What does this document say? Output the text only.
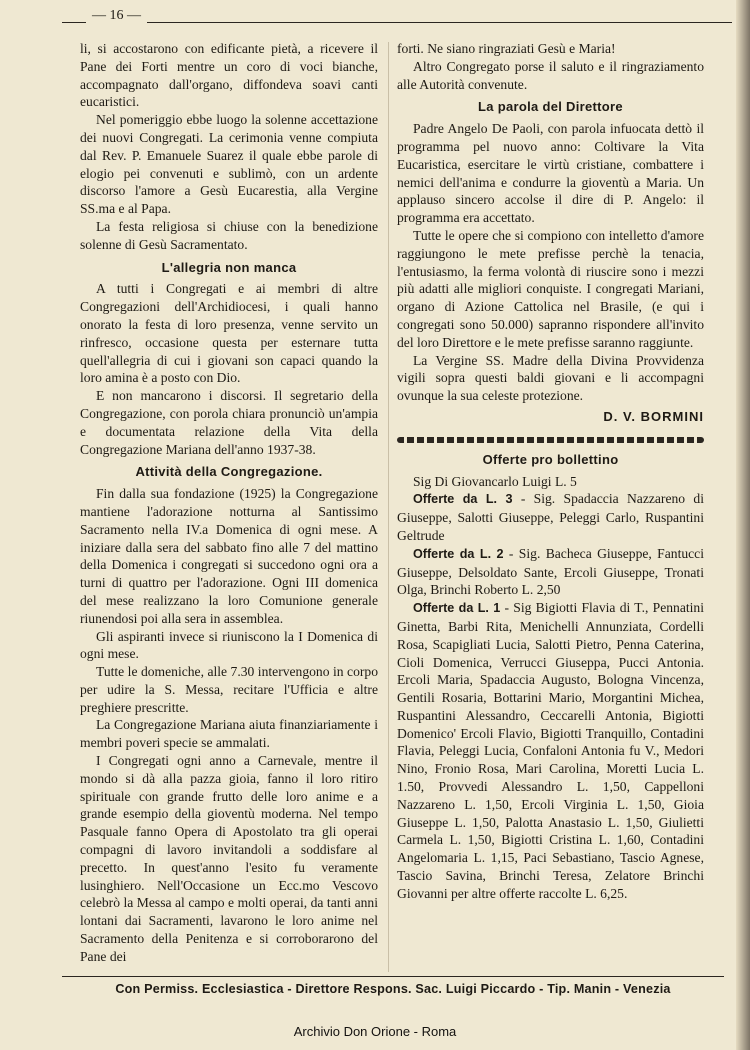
— 16 —

li, si accostarono con edificante pietà, a ricevere il Pane dei Forti mentre un coro di voci bianche, accompagnato dall'organo, diffondeva soavi canti eucaristici.

Nel pomeriggio ebbe luogo la solenne accettazione dei nuovi Congregati. La cerimonia venne compiuta dal Rev. P. Emanuele Suarez il quale ebbe parole di elogio pei convenuti e sublimò, con un ardente discorso l'amore a Gesù Eucarestia, alla Vergine SS.ma e al Papa.

La festa religiosa si chiuse con la benedizione solenne di Gesù Sacramentato.

L'allegria non manca

A tutti i Congregati e ai membri di altre Congregazioni dell'Archidiocesi, i quali hanno onorato la festa di loro presenza, venne servito un rinfresco, occasione questa per esternare tutta quell'allegria di cui i giovani son capaci quando la loro amina è a posto con Dio.

E non mancarono i discorsi. Il segretario della Congregazione, con porola chiara pronunciò un'ampia e documentata relazione della Vita della Congregazione Mariana dell'anno 1937-38.

Attività della Congregazione.

Fin dalla sua fondazione (1925) la Congregazione mantiene l'adorazione notturna al Santissimo Sacramento nella IV.a Domenica di ogni mese. A iniziare dalla sera del sabbato fino alle 7 del mattino della Domenica i congregati si succedono ogni ora a turni di quattro per l'adorazione. Ogni III domenica del mese realizzano la loro Comunione generale riunendosi poi alla sera in assemblea.

Gli aspiranti invece si riuniscono la I Domenica di ogni mese.

Tutte le domeniche, alle 7.30 intervengono in corpo per udire la S. Messa, recitare l'Ufficia e altre preghiere prescritte.

La Congregazione Mariana aiuta finanziariamente i membri poveri specie se ammalati.

I Congregati ogni anno a Carnevale, mentre il mondo si dà alla pazza gioia, fanno il loro ritiro spirituale con grande frutto delle loro anime e a grande esempio della gioventù moderna. Nel tempo Pasquale fanno Opera di Apostolato tra gli operai compagni di lavoro invitandoli a soddisfare al precetto. In quest'anno l'esito fu veramente lusinghiero. Nell'Occasione un Ecc.mo Vescovo celebrò la Messa al campo e molti operai, da tanti anni lontani dai Sacramenti, lavarono le loro anime nel Sacramento della Penitenza e si corroborarono del Pane dei

forti. Ne siano ringraziati Gesù e Maria!

Altro Congregato porse il saluto e il ringraziamento alle Autorità convenute.

La parola del Direttore

Padre Angelo De Paoli, con parola infuocata dettò il programma pel nuovo anno: Coltivare la Vita Eucaristica, esercitare le virtù cristiane, combattere i nemici dell'anima e condurre la gioventù a Maria. Un applauso sincero accolse il dire di P. Angelo: il programma era accettato.

Tutte le opere che si compiono con intelletto d'amore raggiungono le mete prefisse perchè la tenacia, l'entusiasmo, la ferma volontà di riuscire sono i mezzi più adatti alle migliori conquiste. I congregati Mariani, organo di Azione Cattolica nel Brasile, (e qui i congregati sono 50.000) sapranno rispondere all'invito del loro Direttore e le mete prefisse saranno raggiunte.

La Vergine SS. Madre della Divina Provvidenza vigili sopra questi baldi giovani e li accompagni ovunque la sua celeste protezione.

D. V. BORMINI
Offerte pro bollettino

Sig Di Giovancarlo Luigi L. 5

Offerte da L. 3 - Sig. Spadaccia Nazzareno di Giuseppe, Salotti Giuseppe, Peleggi Carlo, Ruspantini Geltrude

Offerte da L. 2 - Sig. Bacheca Giuseppe, Fantucci Giuseppe, Delsoldato Sante, Ercoli Giuseppe, Tronati Olga, Brinchi Roberto L. 2,50

Offerte da L. 1 - Sig Bigiotti Flavia di T., Pennatini Ginetta, Barbi Rita, Menichelli Annunziata, Cordelli Rosa, Scapigliati Lucia, Salotti Pietro, Penna Caterina, Cioli Domenica, Verrucci Giuseppa, Pucci Antonia. Ercoli Maria, Spadaccia Augusto, Bologna Vincenza, Gentili Rosaria, Bottarini Mario, Morgantini Michea, Ruspantini Alessandro, Ceccarelli Antonia, Bigiotti Domenico' Ercoli Flavio, Bigiotti Tranquillo, Contadini Flavia, Peleggi Lucia, Confaloni Antonia fu V., Medori Nino, Fronio Rosa, Mari Carolina, Moretti Lucia L. 1.50, Provvedi Alessandro L. 1,50, Cappelloni Nazzareno L. 1,50, Ercoli Virginia L. 1,50, Gioia Giuseppe L. 1,50, Palotta Anastasio L. 1,50, Giulietti Carmela L. 1,50, Bigiotti Cristina L. 1,60, Contadini Angelomaria L. 1,15, Paci Sebastiano, Tascio Agnese, Tascio Savina, Brinchi Teresa, Zelatore Brinchi Giovanni per altre offerte raccolte L. 6,25.

Con Permiss. Ecclesiastica - Direttore Respons. Sac. Luigi Piccardo - Tip. Manin - Venezia
Archivio Don Orione - Roma
